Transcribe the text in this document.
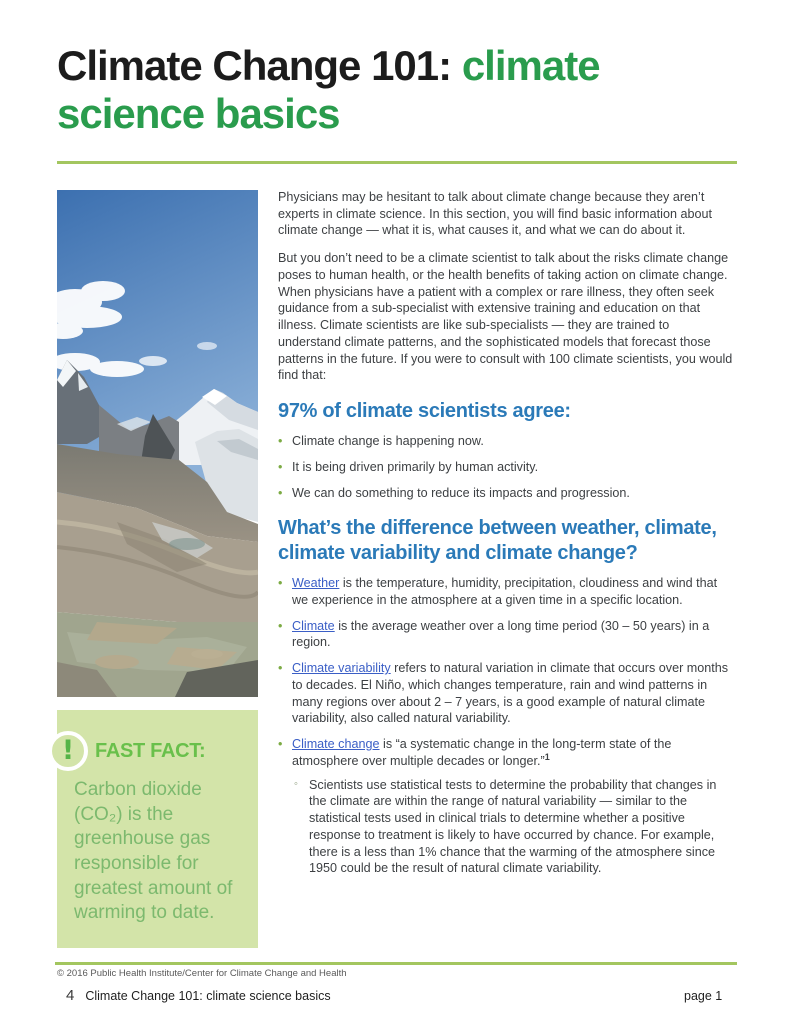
Climate Change 101: climate science basics
! FAST FACT:
Carbon dioxide (CO₂) is the greenhouse gas responsible for greatest amount of warming to date.

Physicians may be hesitant to talk about climate change because they aren’t experts in climate science. In this section, you will find basic information about climate change — what it is, what causes it, and what we can do about it.

But you don’t need to be a climate scientist to talk about the risks climate change poses to human health, or the health benefits of taking action on climate change. When physicians have a patient with a complex or rare illness, they often seek guidance from a sub-specialist with extensive training and education on that illness. Climate scientists are like sub-specialists — they are trained to understand climate patterns, and the sophisticated models that forecast those patterns in the future. If you were to consult with 100 climate scientists, you would find that:

97% of climate scientists agree:
• Climate change is happening now.
• It is being driven primarily by human activity.
• We can do something to reduce its impacts and progression.
What’s the difference between weather, climate, climate variability and climate change?
• Weather is the temperature, humidity, precipitation, cloudiness and wind that we experience in the atmosphere at a given time in a specific location.
• Climate is the average weather over a long time period (30 – 50 years) in a region.
• Climate variability refers to natural variation in climate that occurs over months to decades. El Niño, which changes temperature, rain and wind patterns in many regions over about 2 – 7 years, is a good example of natural climate variability, also called natural variability.
• Climate change is “a systematic change in the long-term state of the atmosphere over multiple decades or longer.”$^1$
◦ Scientists use statistical tests to determine the probability that changes in the climate are within the range of natural variability — similar to the statistical tests used in clinical trials to determine whether a positive response to treatment is likely to have occurred by chance. For example, there is a less than 1% chance that the warming of the atmosphere since 1950 could be the result of natural climate variability.
© 2016 Public Health Institute/Center for Climate Change and Health
4 Climate Change 101: climate science basics	page 1
